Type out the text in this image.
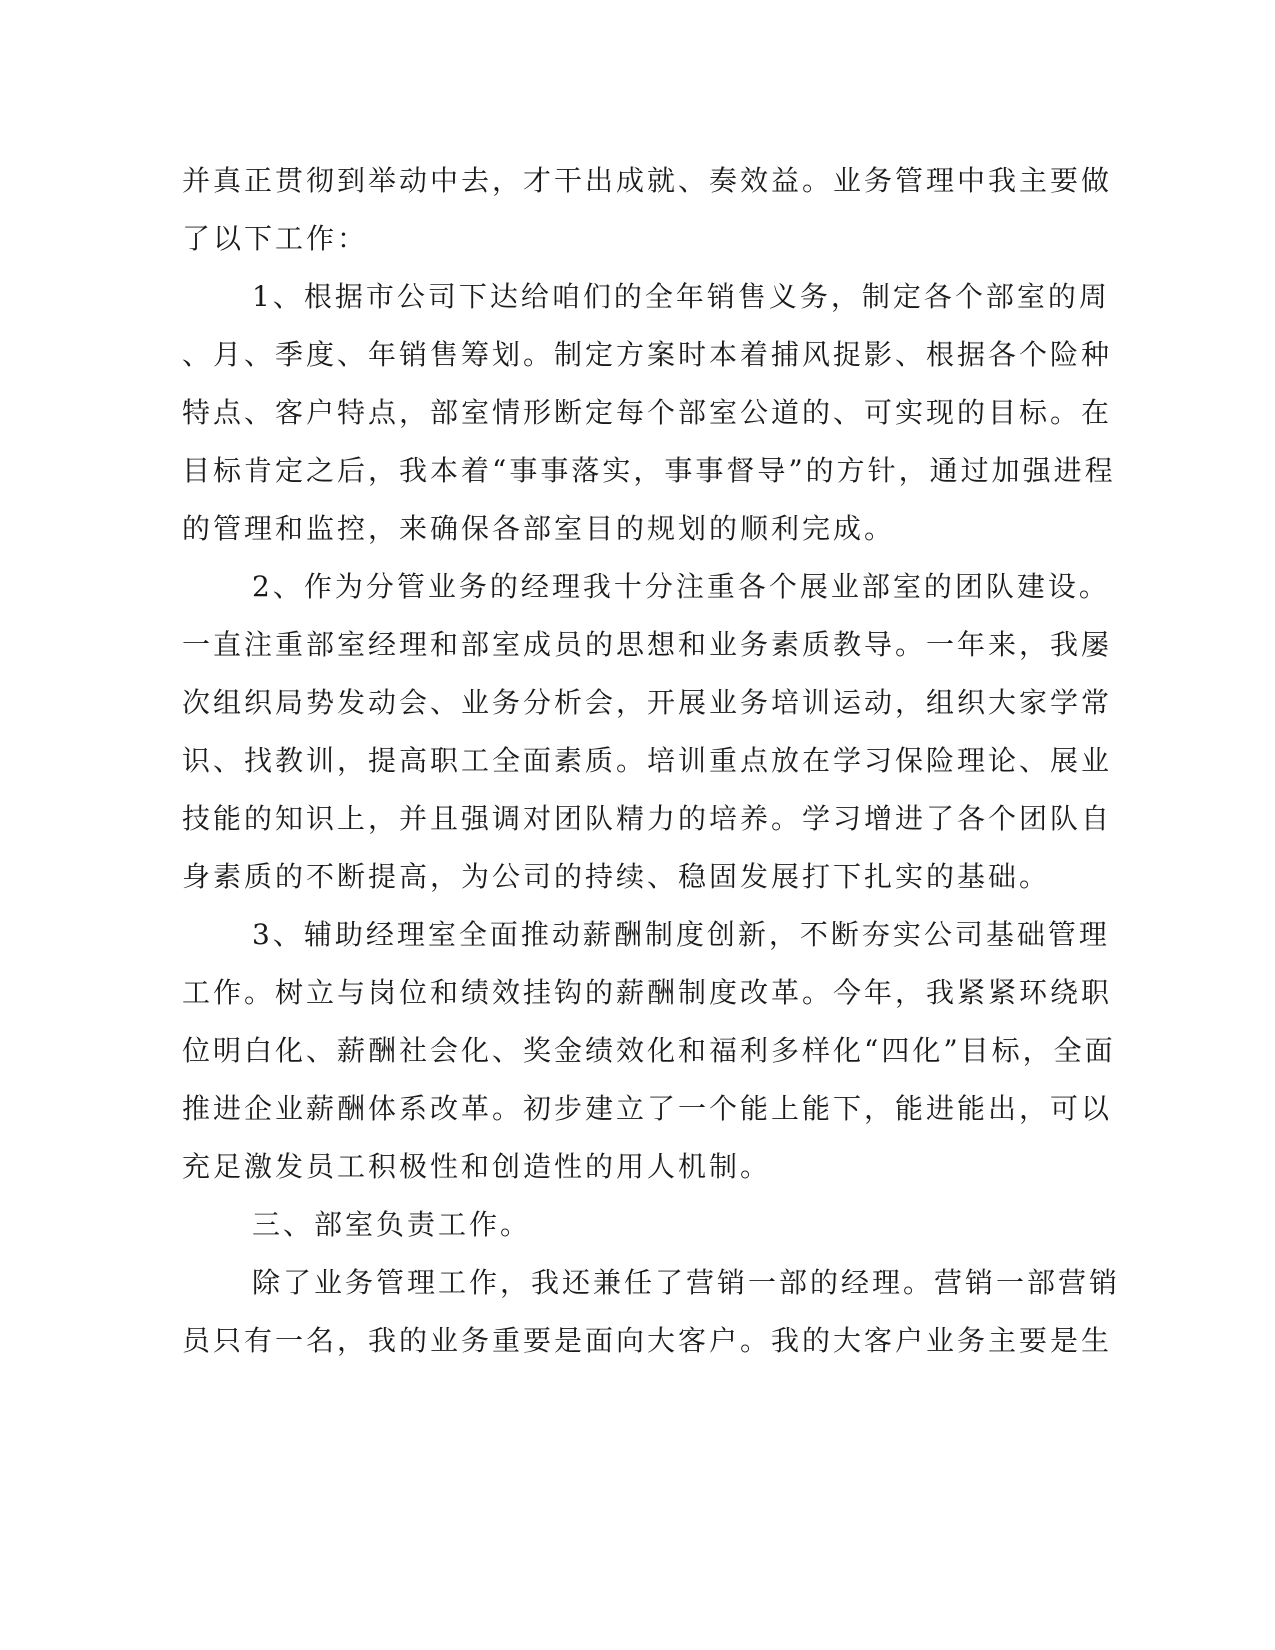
并真正贯彻到举动中去，才干出成就、奏效益。业务管理中我主要做
了以下工作：
1、根据市公司下达给咱们的全年销售义务，制定各个部室的周
、月、季度、年销售筹划。制定方案时本着捕风捉影、根据各个险种
特点、客户特点，部室情形断定每个部室公道的、可实现的目标。在
目标肯定之后，我本着“事事落实，事事督导”的方针，通过加强进程
的管理和监控，来确保各部室目的规划的顺利完成。
2、作为分管业务的经理我十分注重各个展业部室的团队建设。
一直注重部室经理和部室成员的思想和业务素质教导。一年来，我屡
次组织局势发动会、业务分析会，开展业务培训运动，组织大家学常
识、找教训，提高职工全面素质。培训重点放在学习保险理论、展业
技能的知识上，并且强调对团队精力的培养。学习增进了各个团队自
身素质的不断提高，为公司的持续、稳固发展打下扎实的基础。
3、辅助经理室全面推动薪酬制度创新，不断夯实公司基础管理
工作。树立与岗位和绩效挂钩的薪酬制度改革。今年，我紧紧环绕职
位明白化、薪酬社会化、奖金绩效化和福利多样化“四化”目标，全面
推进企业薪酬体系改革。初步建立了一个能上能下，能进能出，可以
充足激发员工积极性和创造性的用人机制。
三、部室负责工作。
除了业务管理工作，我还兼任了营销一部的经理。营销一部营销
员只有一名，我的业务重要是面向大客户。我的大客户业务主要是生
